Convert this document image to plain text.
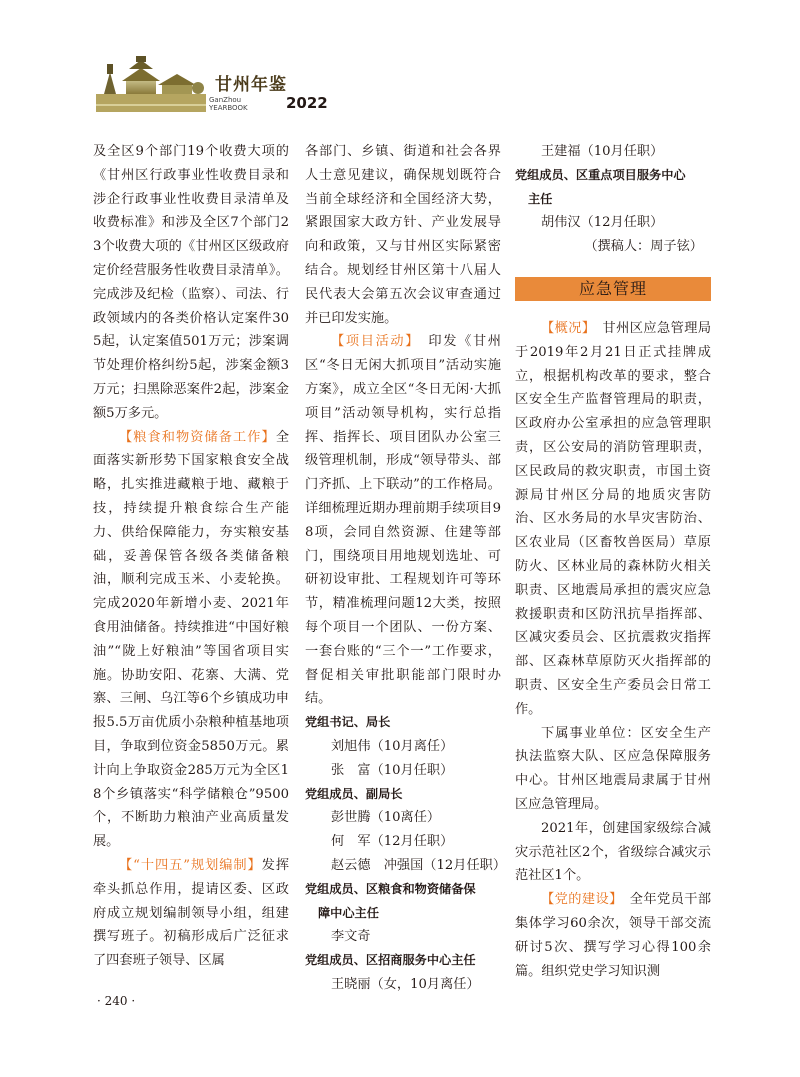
甘州年鉴
GanZhou
YEARBOOK	2022

及全区9个部门19个收费大项的《甘州区行政事业性收费目录和涉企行政事业性收费目录清单及收费标准》和涉及全区7个部门23个收费大项的《甘州区区级政府定价经营服务性收费目录清单》。完成涉及纪检（监察）、司法、行政领域内的各类价格认定案件305起，认定案值501万元；涉案调节处理价格纠纷5起，涉案金额3万元；扫黑除恶案件2起，涉案金额5万多元。

【粮食和物资储备工作】全面落实新形势下国家粮食安全战略，扎实推进藏粮于地、藏粮于技，持续提升粮食综合生产能力、供给保障能力，夯实粮安基础，妥善保管各级各类储备粮油，顺利完成玉米、小麦轮换。完成2020年新增小麦、2021年食用油储备。持续推进“中国好粮油”“陇上好粮油”等国省项目实施。协助安阳、花寨、大满、党寨、三闸、乌江等6个乡镇成功申报5.5万亩优质小杂粮种植基地项目，争取到位资金5850万元。累计向上争取资金285万元为全区18个乡镇落实“科学储粮仓”9500个，不断助力粮油产业高质量发展。

【“十四五”规划编制】发挥牵头抓总作用，提请区委、区政府成立规划编制领导小组，组建撰写班子。初稿形成后广泛征求了四套班子领导、区属

各部门、乡镇、街道和社会各界人士意见建议，确保规划既符合当前全球经济和全国经济大势，紧跟国家大政方针、产业发展导向和政策，又与甘州区实际紧密结合。规划经甘州区第十八届人民代表大会第五次会议审查通过并已印发实施。

【项目活动】　 印发《甘州区“冬日无闲大抓项目”活动实施方案》，成立全区“冬日无闲·大抓项目”活动领导机构，实行总指挥、指挥长、项目团队办公室三级管理机制，形成“领导带头、部门齐抓、上下联动”的工作格局。详细梳理近期办理前期手续项目98项，会同自然资源、住建等部门，围绕项目用地规划选址、可研初设审批、工程规划许可等环节，精准梳理问题12大类，按照每个项目一个团队、一份方案、一套台账的“三个一”工作要求，督促相关审批职能部门限时办结。

党组书记、局长

刘旭伟（10月离任）

张　富（10月任职）

党组成员、副局长

彭世腾（10离任）

何　军（12月任职）

赵云德　冲强国（12月任职）

党组成员、区粮食和物资储备保

障中心主任

李文奇

党组成员、区招商服务中心主任

王晓丽（女，10月离任）

王建福（10月任职）

党组成员、区重点项目服务中心

主任

胡伟汉（12月任职）

（撰稿人：周子铉）

应急管理

【概况】　 甘州区应急管理局于2019年2月21日正式挂牌成立，根据机构改革的要求，整合区安全生产监督管理局的职责，区政府办公室承担的应急管理职责，区公安局的消防管理职责，区民政局的救灾职责，市国土资源局甘州区分局的地质灾害防治、区水务局的水旱灾害防治、区农业局（区畜牧兽医局）草原防火、区林业局的森林防火相关职责、区地震局承担的震灾应急救援职责和区防汛抗旱指挥部、区减灾委员会、区抗震救灾指挥部、区森林草原防灭火指挥部的职责、区安全生产委员会日常工作。

下属事业单位：区安全生产执法监察大队、区应急保障服务中心。甘州区地震局隶属于甘州区应急管理局。

2021年，创建国家级综合减灾示范社区2个，省级综合减灾示范社区1个。

【党的建设】　 全年党员干部集体学习60余次，领导干部交流研讨5次、撰写学习心得100余篇。组织党史学习知识测

· 240 ·
